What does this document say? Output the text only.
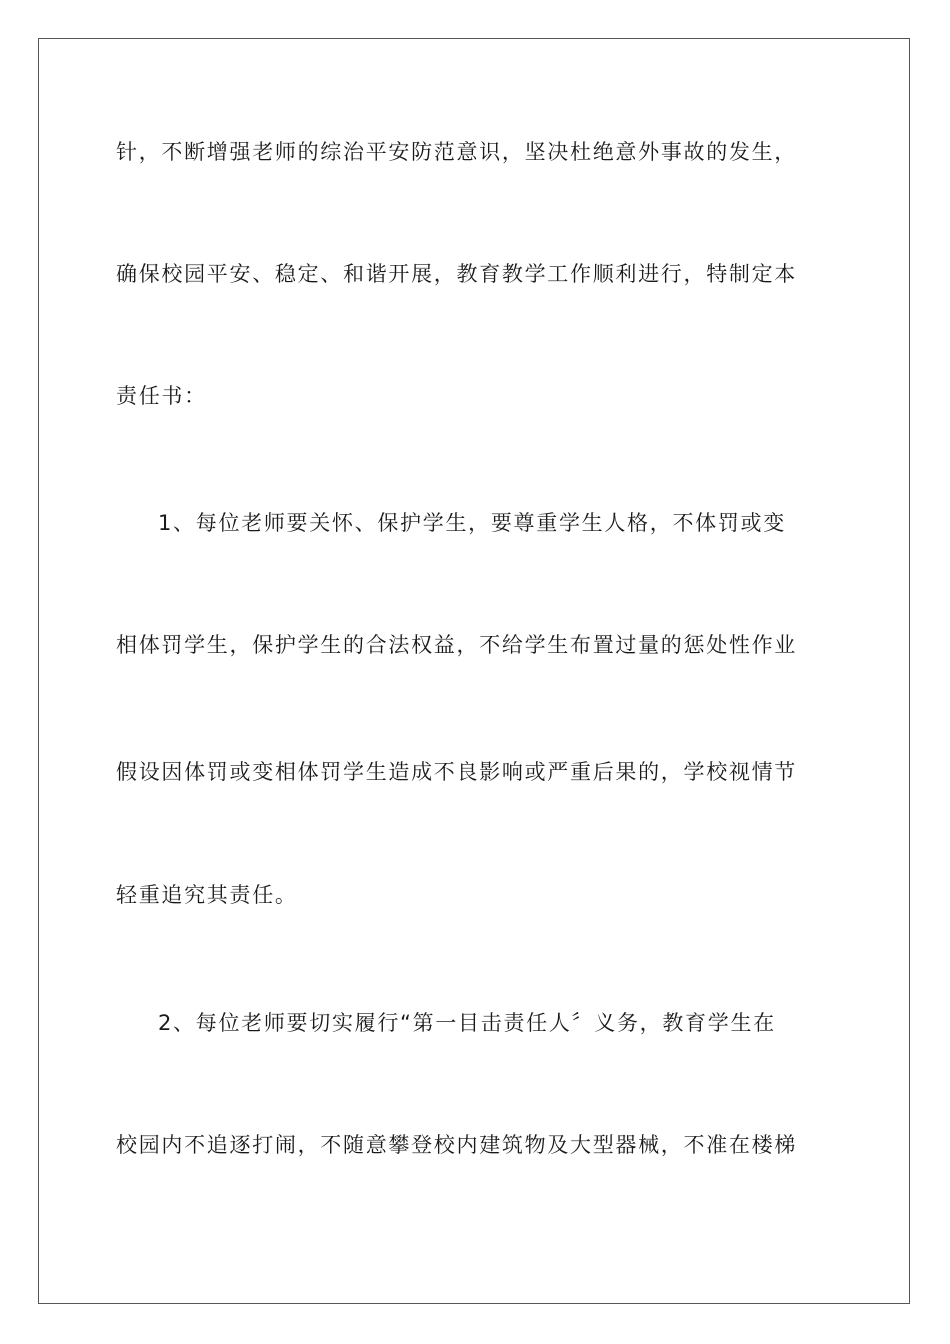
针，不断增强老师的综治平安防范意识，坚决杜绝意外事故的发生，
确保校园平安、稳定、和谐开展，教育教学工作顺利进行，特制定本
责任书：
1、每位老师要关怀、保护学生，要尊重学生人格，不体罚或变
相体罚学生，保护学生的合法权益，不给学生布置过量的惩处性作业
假设因体罚或变相体罚学生造成不良影响或严重后果的，学校视情节
轻重追究其责任。
2、每位老师要切实履行“第一目击责任人〞义务，教育学生在
校园内不追逐打闹，不随意攀登校内建筑物及大型器械，不准在楼梯
